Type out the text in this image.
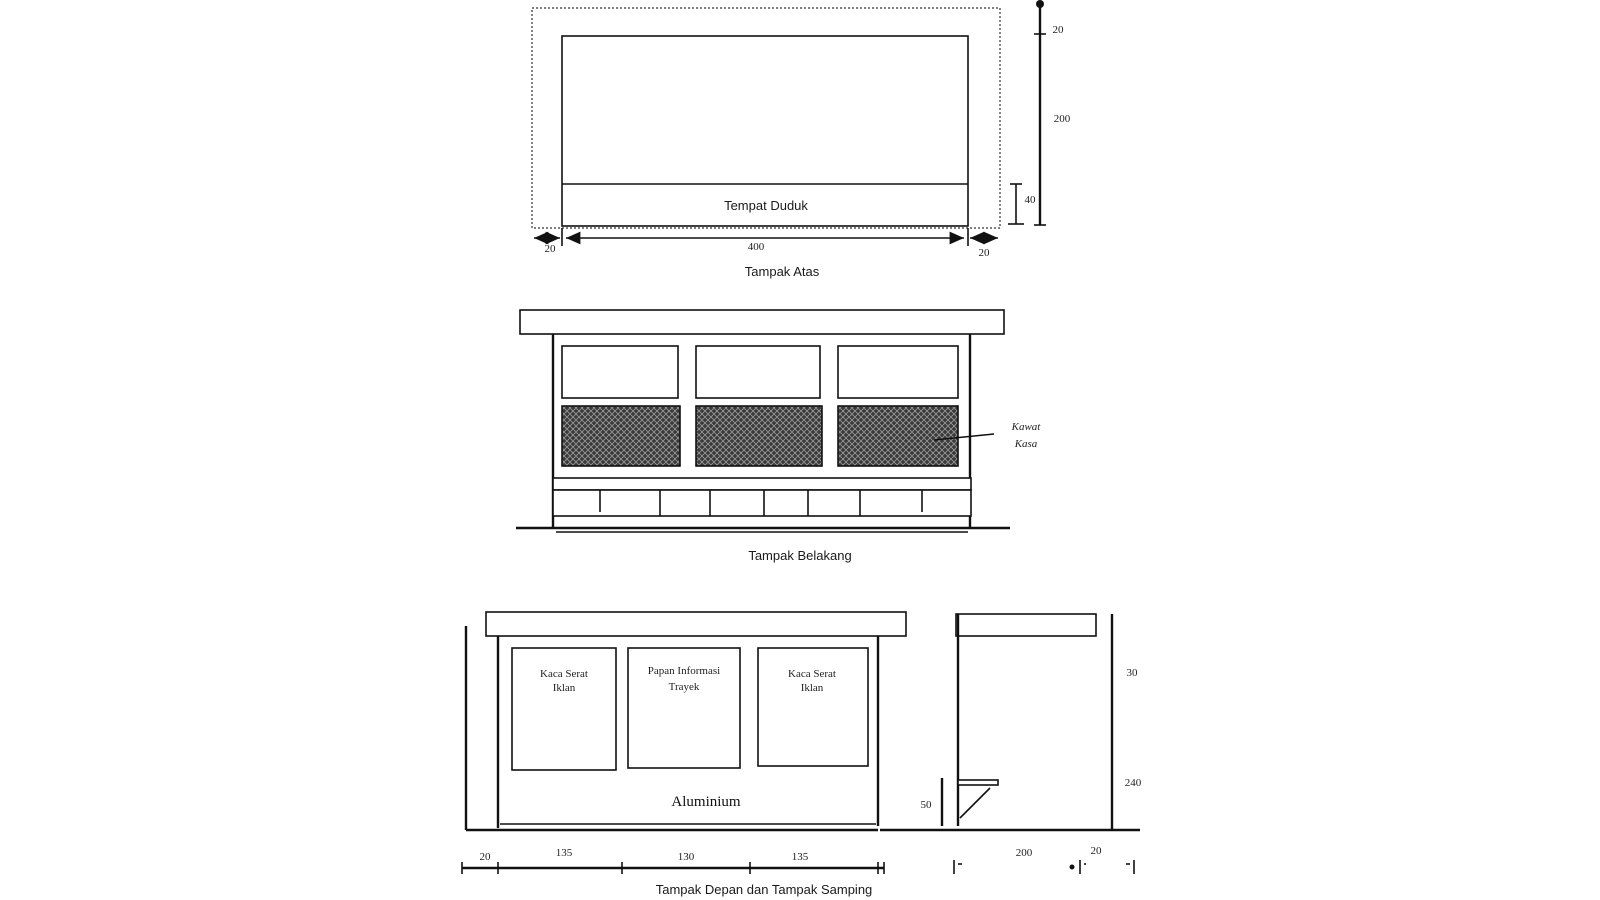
Tempat Duduk
20	400	20
20
200
40
Tampak Atas
Kawat
Kasa
Tampak Belakang
Kaca Serat
Iklan
Papan Informasi
Trayek
Kaca Serat
Iklan
Aluminium
20	135	130	135
50
30
240
200	20
Tampak Depan dan Tampak Samping
